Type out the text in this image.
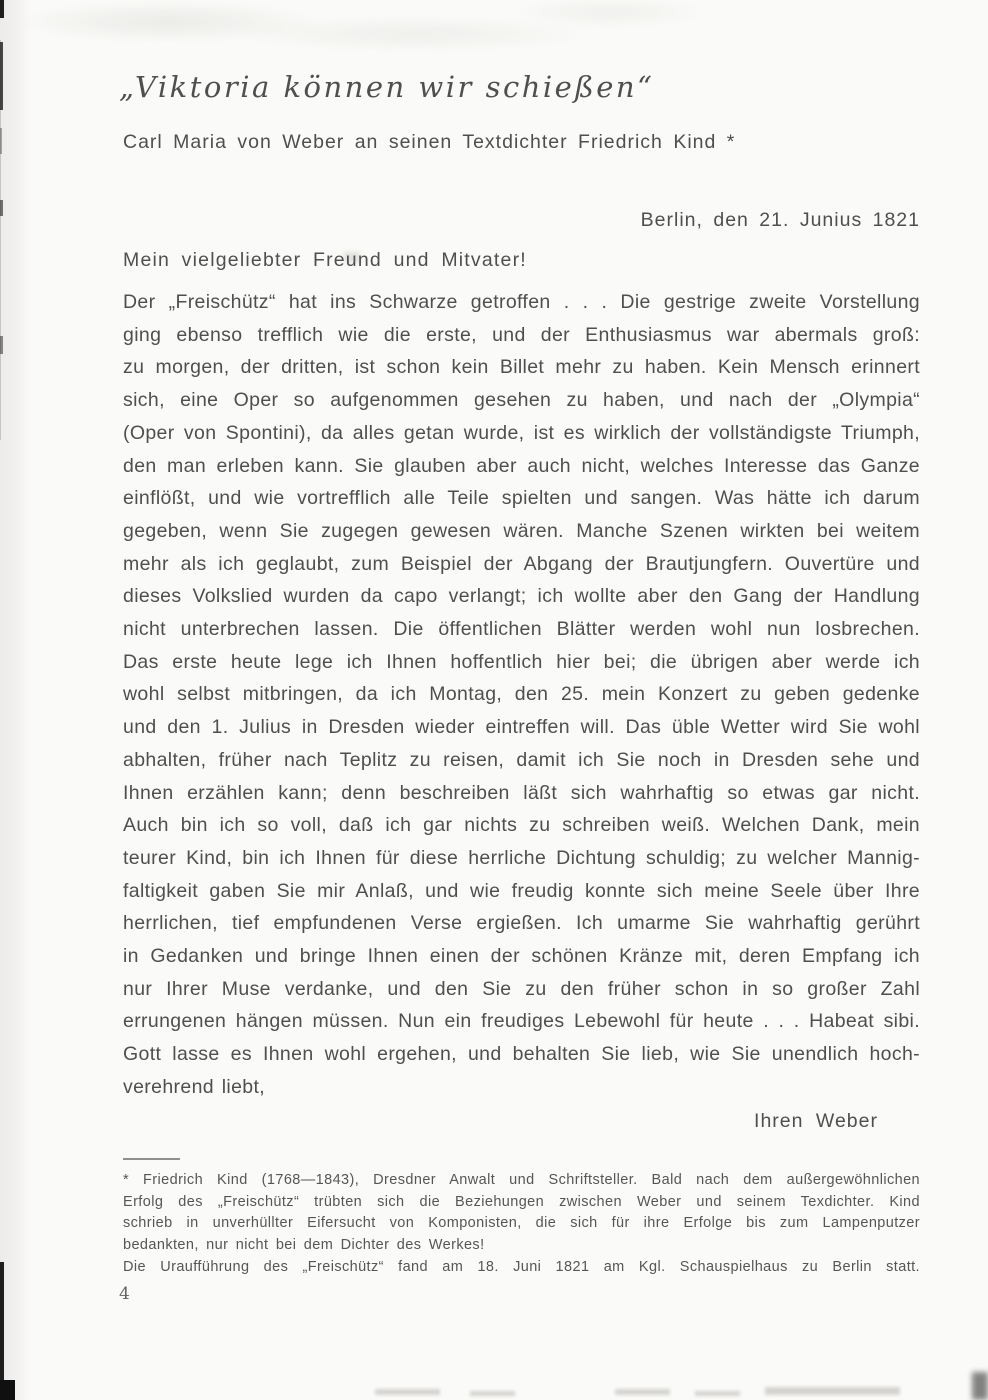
„Viktoria können wir schießen“
Carl Maria von Weber an seinen Textdichter Friedrich Kind *
Berlin, den 21. Junius 1821
Mein vielgeliebter Freund und Mitvater!
Der „Freischütz“ hat ins Schwarze getroffen . . . Die gestrige zweite Vorstellung
ging ebenso trefflich wie die erste, und der Enthusiasmus war abermals groß:
zu morgen, der dritten, ist schon kein Billet mehr zu haben. Kein Mensch erinnert
sich, eine Oper so aufgenommen gesehen zu haben, und nach der „Olympia“
(Oper von Spontini), da alles getan wurde, ist es wirklich der vollständigste Triumph,
den man erleben kann. Sie glauben aber auch nicht, welches Interesse das Ganze
einflößt, und wie vortrefflich alle Teile spielten und sangen. Was hätte ich darum
gegeben, wenn Sie zugegen gewesen wären. Manche Szenen wirkten bei weitem
mehr als ich geglaubt, zum Beispiel der Abgang der Brautjungfern. Ouvertüre und
dieses Volkslied wurden da capo verlangt; ich wollte aber den Gang der Handlung
nicht unterbrechen lassen. Die öffentlichen Blätter werden wohl nun losbrechen.
Das erste heute lege ich Ihnen hoffentlich hier bei; die übrigen aber werde ich
wohl selbst mitbringen, da ich Montag, den 25. mein Konzert zu geben gedenke
und den 1. Julius in Dresden wieder eintreffen will. Das üble Wetter wird Sie wohl
abhalten, früher nach Teplitz zu reisen, damit ich Sie noch in Dresden sehe und
Ihnen erzählen kann; denn beschreiben läßt sich wahrhaftig so etwas gar nicht.
Auch bin ich so voll, daß ich gar nichts zu schreiben weiß. Welchen Dank, mein
teurer Kind, bin ich Ihnen für diese herrliche Dichtung schuldig; zu welcher Mannig-
faltigkeit gaben Sie mir Anlaß, und wie freudig konnte sich meine Seele über Ihre
herrlichen, tief empfundenen Verse ergießen. Ich umarme Sie wahrhaftig gerührt
in Gedanken und bringe Ihnen einen der schönen Kränze mit, deren Empfang ich
nur Ihrer Muse verdanke, und den Sie zu den früher schon in so großer Zahl
errungenen hängen müssen. Nun ein freudiges Lebewohl für heute . . . Habeat sibi.
Gott lasse es Ihnen wohl ergehen, und behalten Sie lieb, wie Sie unendlich hoch-
verehrend liebt,
Ihren Weber
* Friedrich Kind (1768—1843), Dresdner Anwalt und Schriftsteller. Bald nach dem außergewöhnlichen
Erfolg des „Freischütz“ trübten sich die Beziehungen zwischen Weber und seinem Texdichter. Kind
schrieb in unverhüllter Eifersucht von Komponisten, die sich für ihre Erfolge bis zum Lampenputzer
bedankten, nur nicht bei dem Dichter des Werkes!
Die Uraufführung des „Freischütz“ fand am 18. Juni 1821 am Kgl. Schauspielhaus zu Berlin statt.
4
